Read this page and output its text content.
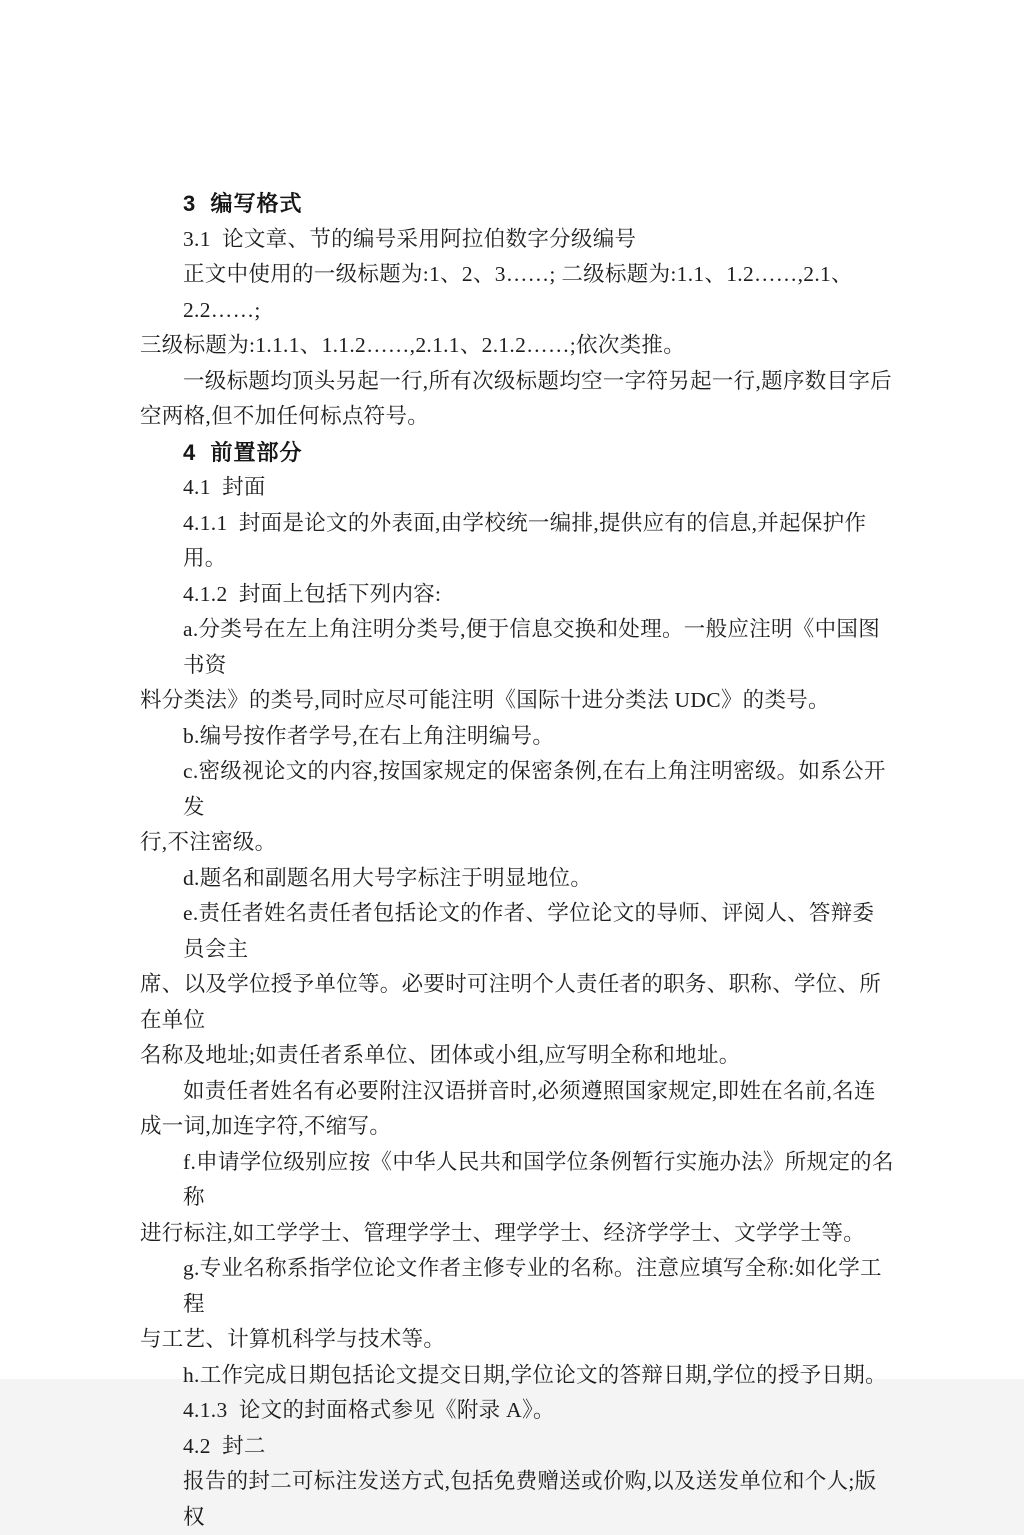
3  编写格式
3.1  论文章、节的编号采用阿拉伯数字分级编号
正文中使用的一级标题为:1、2、3……; 二级标题为:1.1、1.2……,2.1、2.2……;
三级标题为:1.1.1、1.1.2……,2.1.1、2.1.2……;依次类推。
一级标题均顶头另起一行,所有次级标题均空一字符另起一行,题序数目字后
空两格,但不加任何标点符号。
4  前置部分
4.1  封面
4.1.1  封面是论文的外表面,由学校统一编排,提供应有的信息,并起保护作用。
4.1.2  封面上包括下列内容:
a.分类号在左上角注明分类号,便于信息交换和处理。一般应注明《中国图书资
料分类法》的类号,同时应尽可能注明《国际十进分类法 UDC》的类号。
b.编号按作者学号,在右上角注明编号。
c.密级视论文的内容,按国家规定的保密条例,在右上角注明密级。如系公开发
行,不注密级。
d.题名和副题名用大号字标注于明显地位。
e.责任者姓名责任者包括论文的作者、学位论文的导师、评阅人、答辩委员会主
席、以及学位授予单位等。必要时可注明个人责任者的职务、职称、学位、所在单位
名称及地址;如责任者系单位、团体或小组,应写明全称和地址。
如责任者姓名有必要附注汉语拼音时,必须遵照国家规定,即姓在名前,名连
成一词,加连字符,不缩写。
f.申请学位级别应按《中华人民共和国学位条例暂行实施办法》所规定的名称
进行标注,如工学学士、管理学学士、理学学士、经济学学士、文学学士等。
g.专业名称系指学位论文作者主修专业的名称。注意应填写全称:如化学工程
与工艺、计算机科学与技术等。
h.工作完成日期包括论文提交日期,学位论文的答辩日期,学位的授予日期。
4.1.3  论文的封面格式参见《附录 A》。
4.2  封二
报告的封二可标注发送方式,包括免费赠送或价购,以及送发单位和个人;版权
